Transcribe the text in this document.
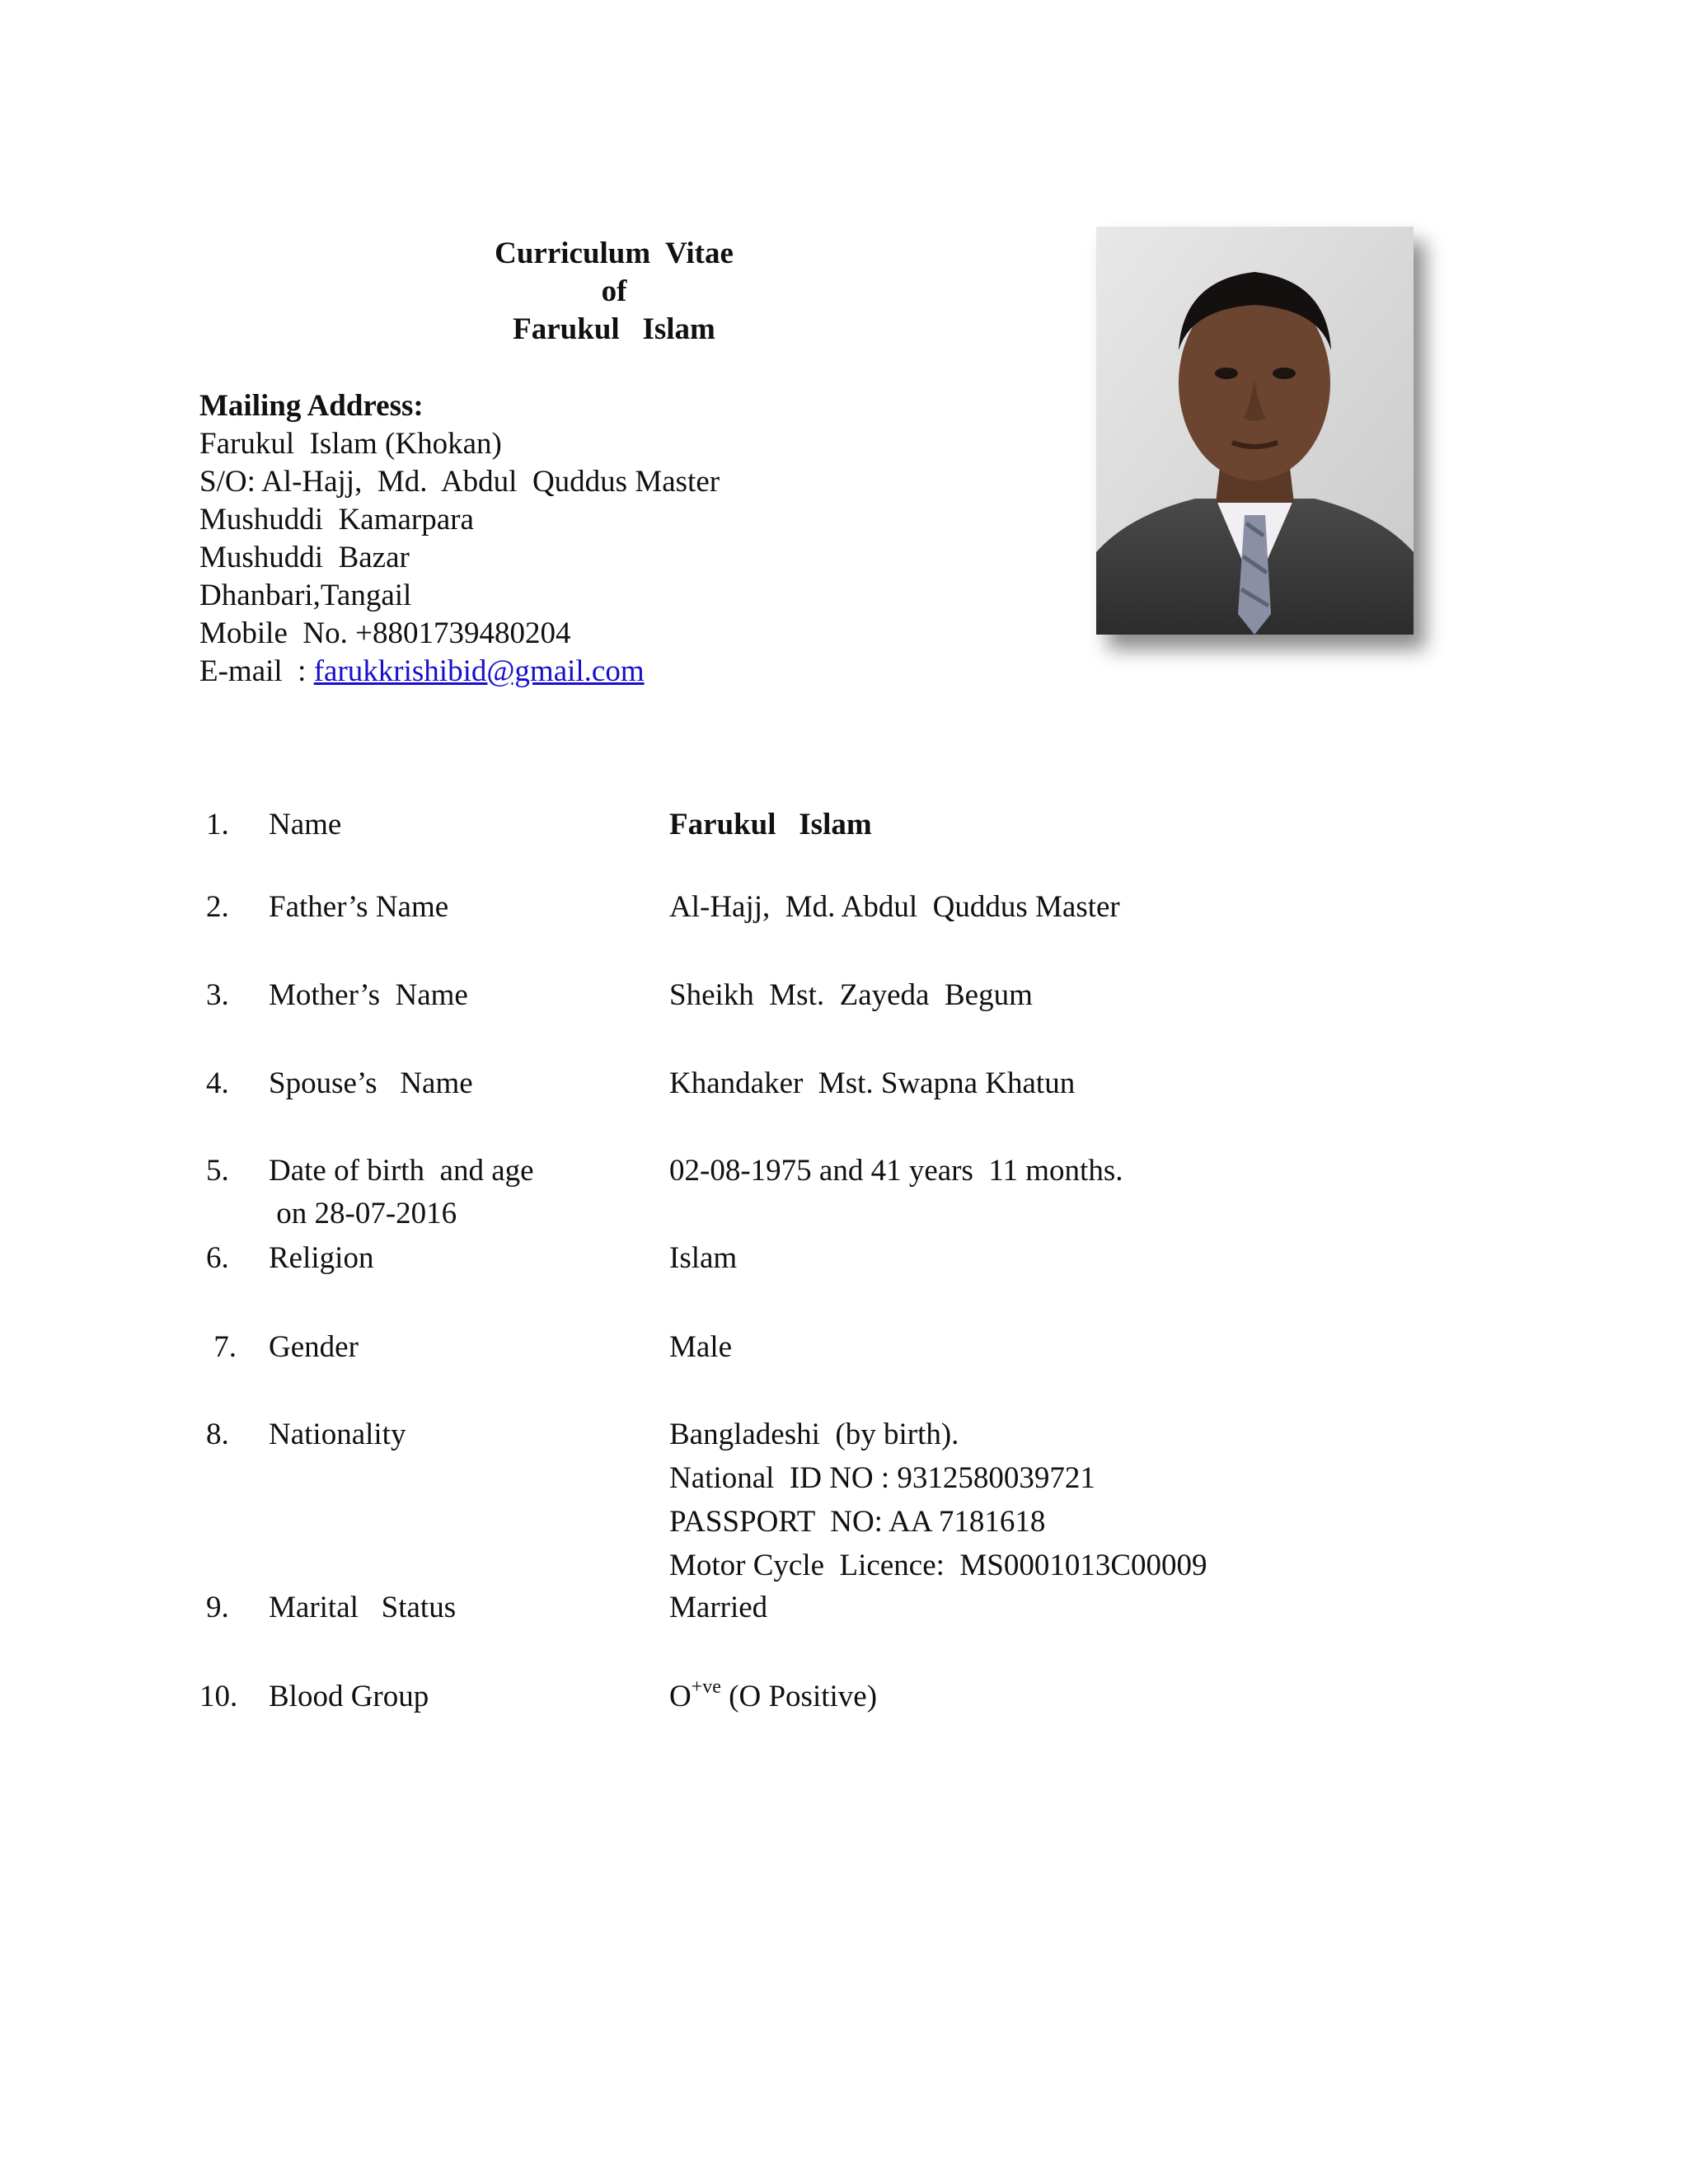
Curriculum  Vitae
of
Farukul   Islam
Mailing Address:
Farukul  Islam (Khokan)
S/O: Al-Hajj,  Md.  Abdul  Quddus Master
Mushuddi  Kamarpara
Mushuddi  Bazar
Dhanbari,Tangail
Mobile  No. +8801739480204
E-mail  : farukkrishibid@gmail.com
1. Name	Farukul   Islam
2. Father’s Name	Al-Hajj,  Md. Abdul  Quddus Master
3. Mother’s  Name	Sheikh  Mst.  Zayeda  Begum
4. Spouse’s   Name	Khandaker  Mst. Swapna Khatun
5. Date of birth  and age	02-08-1975 and 41 years  11 months.
on 28-07-2016
6. Religion	Islam
7. Gender	Male
8. Nationality	Bangladeshi  (by birth).
National  ID NO : 9312580039721
PASSPORT  NO: AA 7181618
Motor Cycle  Licence:  MS0001013C00009
9. Marital   Status	Married
10. Blood Group	$O^{+ve}$ (O Positive)
